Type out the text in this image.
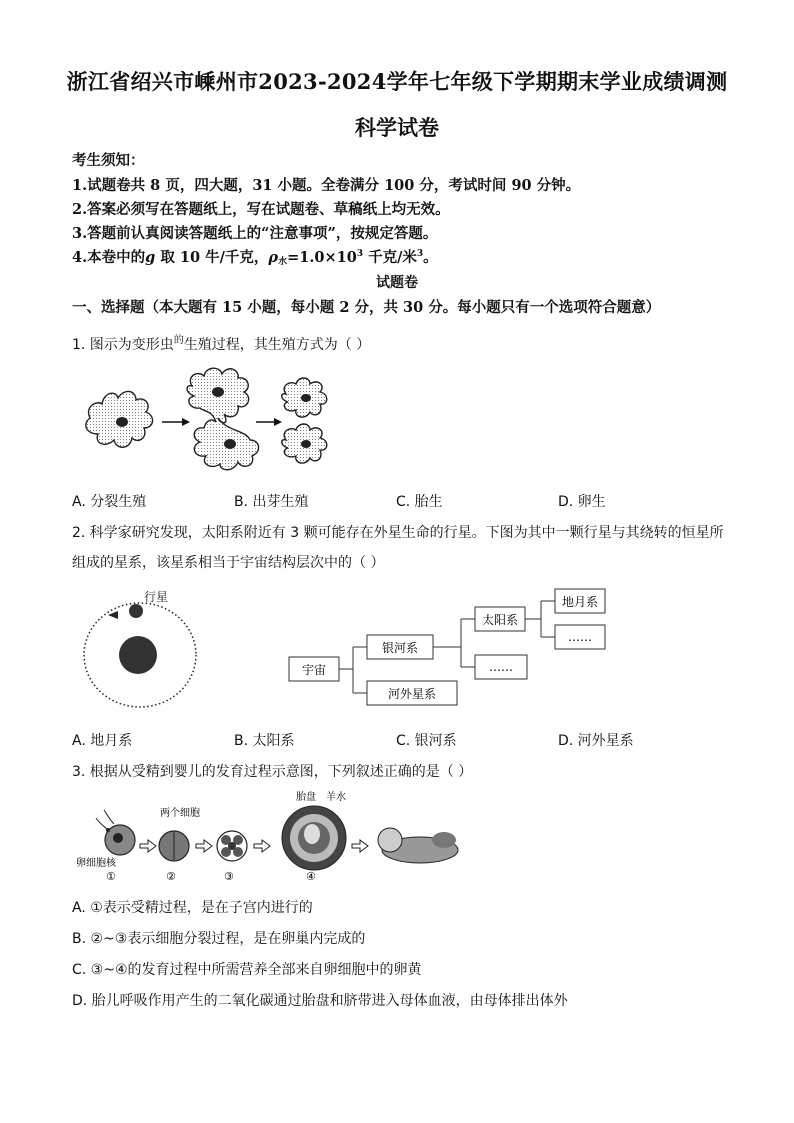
浙江省绍兴市嵊州市2023-2024学年七年级下学期期末学业成绩调测
科学试卷
考生须知：
1.试题卷共 8 页，四大题，31 小题。全卷满分 100 分，考试时间 90 分钟。
2.答案必须写在答题纸上，写在试题卷、草稿纸上均无效。
3.答题前认真阅读答题纸上的“注意事项”，按规定答题。
4.本卷中的g 取 10 牛/千克，$\rho_水=1.0\times 10^3$ 千克/米$^3$。
试题卷
一、选择题（本大题有 15 小题，每小题 2 分，共 30 分。每小题只有一个选项符合题意）
1. 图示为变形虫$^的$生殖过程，其生殖方式为（ ）
A. 分裂生殖	B. 出芽生殖	C. 胎生	D. 卵生
2. 科学家研究发现，太阳系附近有 3 颗可能存在外星生命的行星。下图为其中一颗行星与其绕转的恒星所
组成的星系，该星系相当于宇宙结构层次中的（ ）
行星
宇宙
银河系
河外星系
太阳系
……
地月系
……
A. 地月系	B. 太阳系	C. 银河系	D. 河外星系
3. 根据从受精到婴儿的发育过程示意图，下列叙述正确的是（ ）
卵细胞核
①
两个细胞
②	③
胎盘 羊水
④
A. ①表示受精过程，是在子宫内进行的
B. ②~③表示细胞分裂过程，是在卵巢内完成的
C. ③~④的发育过程中所需营养全部来自卵细胞中的卵黄
D. 胎儿呼吸作用产生的二氧化碳通过胎盘和脐带进入母体血液，由母体排出体外
